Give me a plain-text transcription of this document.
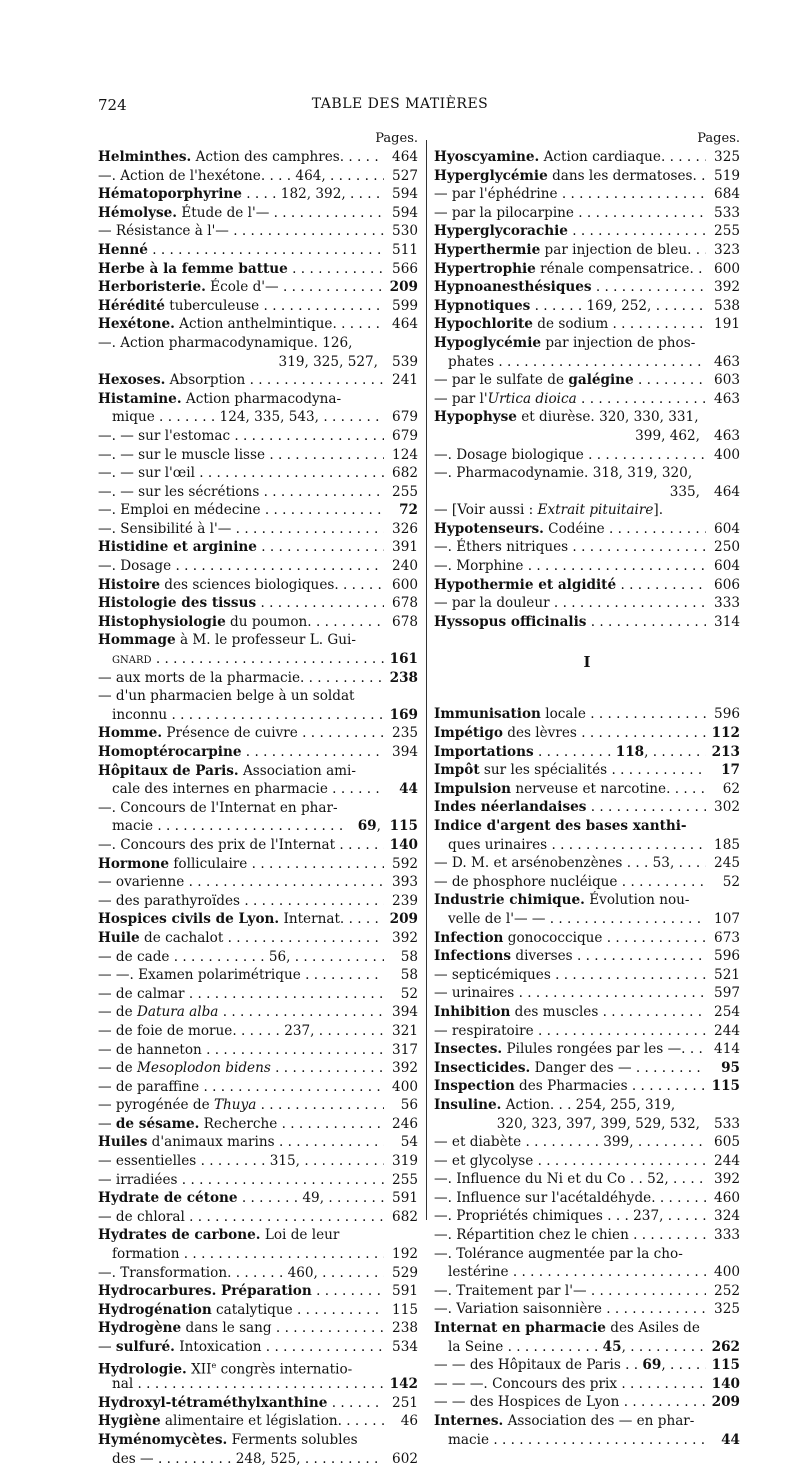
724	TABLE DES MATIÈRES
Pages.
Helminthes. Action des camphres. . . . .	464
—. Action de l'hexétone. . . . 464, . . .	527
Hématoporphyrine . . . . 182, 392, . . .	594
Hémolyse. Étude de l'— . . .	594
— Résistance à l'— . . .	530
Henné . . .	511
Herbe à la femme battue . . .	566
Herboristerie. École d'— . . .	209
Hérédité tuberculeuse . . .	599
Hexétone. Action anthelmintique. . . . .	464
—. Action pharmacodynamique. 126,
319, 325, 527,	539
Hexoses. Absorption . . .	241
Histamine. Action pharmacodyna-
mique . . . . . . . 124, 335, 543, . . .	679
—. — sur l'estomac . . .	679
—. — sur le muscle lisse . . .	124
—. — sur l'œil . . .	682
—. — sur les sécrétions . . .	255
—. Emploi en médecine . . .	72
—. Sensibilité à l'— . . .	326
Histidine et arginine . . .	391
—. Dosage . . .	240
Histoire des sciences biologiques. . . . .	600
Histologie des tissus . . .	678
Histophysiologie du poumon. . . . . . .	678
Hommage à M. le professeur L. Gui-
GNARD . . .	161
— aux morts de la pharmacie. . . . . . .	238
— d'un pharmacien belge à un soldat
inconnu . . .	169
Homme. Présence de cuivre . . .	235
Homoptérocarpine . . .	394
Hôpitaux de Paris. Association ami-
cale des internes en pharmacie . . . . .	44
—. Concours de l'Internat en phar-
macie . . . . . . . . . . . . . . . .	69,  115
—. Concours des prix de l'Internat . . . .	140
Hormone folliculaire . . .	592
— ovarienne . . .	393
— des parathyroïdes . . .	239
Hospices civils de Lyon. Internat. . . .	209
Huile de cachalot . . .	392
— de cade . . . . . . . . . . . 56, . . .	58
— —. Examen polarimétrique . . . . . .	58
— de calmar . . .	52
— de Datura alba . . .	394
— de foie de morue. . . . . . 237, . . .	321
— de hanneton . . .	317
— de Mesoplodon bidens . . .	392
— de paraffine . . .	400
— pyrogénée de Thuya . . .	56
— de sésame. Recherche . . .	246
Huiles d'animaux marins . . .	54
— essentielles . . . . . . . . 315, . . .	319
— irradiées . . .	255
Hydrate de cétone . . . . . . . 49, . . .	591
— de chloral . . .	682
Hydrates de carbone. Loi de leur
formation . . .	192
—. Transformation. . . . . . . 460, . . .	529
Hydrocarbures. Préparation . . . . . . .	591
Hydrogénation catalytique . . .	115
Hydrogène dans le sang . . .	238
— sulfuré. Intoxication . . .	534
Hydrologie. XIIe congrès internatio-
nal . . .	142
Hydroxyl-tétraméthylxanthine . . . . . .	251
Hygiène alimentaire et législation. . . . .	46
Hyménomycètes. Ferments solubles
des — . . . . . . . . . 248, 525, . . .	602
Pages.
Hyoscyamine. Action cardiaque. . . . . .	325
Hyperglycémie dans les dermatoses. . . .	519
— par l'éphédrine . . .	684
— par la pilocarpine . . .	533
Hyperglycorachie . . .	255
Hyperthermie par injection de bleu. . . .	323
Hypertrophie rénale compensatrice. . . .	600
Hypnoanesthésiques . . .	392
Hypnotiques . . . . . . 169, 252, . . .	538
Hypochlorite de sodium . . .	191
Hypoglycémie par injection de phos-
phates . . .	463
— par le sulfate de galégine . . . . . . .	603
— par l'Urtica dioica . . .	463
Hypophyse et diurèse. 320, 330, 331,
399, 462,	463
—. Dosage biologique . . .	400
—. Pharmacodynamie. 318, 319, 320,
335,	464
— [Voir aussi : Extrait pituitaire].
Hypotenseurs. Codéine . . .	604
—. Éthers nitriques . . .	250
—. Morphine . . .	604
Hypothermie et algidité . . .	606
— par la douleur . . .	333
Hyssopus officinalis . . .	314
I
Immunisation locale . . .	596
Impétigo des lèvres . . .	112
Importations . . . . . . . . . 118, . . .	213
Impôt sur les spécialités . . .	17
Impulsion nerveuse et narcotine. . . . . .	62
Indes néerlandaises . . .	302
Indice d'argent des bases xanthi-
ques urinaires . . .	185
— D. M. et arsénobenzènes . . . 53, . . .	245
— de phosphore nucléique . . .	52
Industrie chimique. Évolution nou-
velle de l'— — . . .	107
Infection gonococcique . . .	673
Infections diverses . . .	596
— septicémiques . . .	521
— urinaires . . .	597
Inhibition des muscles . . .	254
— respiratoire . . .	244
Insectes. Pilules rongées par les —. . . .	414
Insecticides. Danger des — . . .	95
Inspection des Pharmacies . . .	115
Insuline. Action. . . 254, 255, 319,
320, 323, 397, 399, 529, 532,	533
— et diabète . . . . . . . . . 399, . . .	605
— et glycolyse . . .	244
—. Influence du Ni et du Co . . 52, . . .	392
—. Influence sur l'acétaldéhyde. . . . . .	460
—. Propriétés chimiques . . . 237, . . .	324
—. Répartition chez le chien . . . . . . .	333
—. Tolérance augmentée par la cho-
lestérine . . .	400
—. Traitement par l'— . . .	252
—. Variation saisonnière . . .	325
Internat en pharmacie des Asiles de
la Seine . . . . . . . . . . . 45, . . .	262
— — des Hôpitaux de Paris . . 69, . . .	115
— — —. Concours des prix . . .	140
— — des Hospices de Lyon . . .	209
Internes. Association des — en phar-
macie . . .	44
